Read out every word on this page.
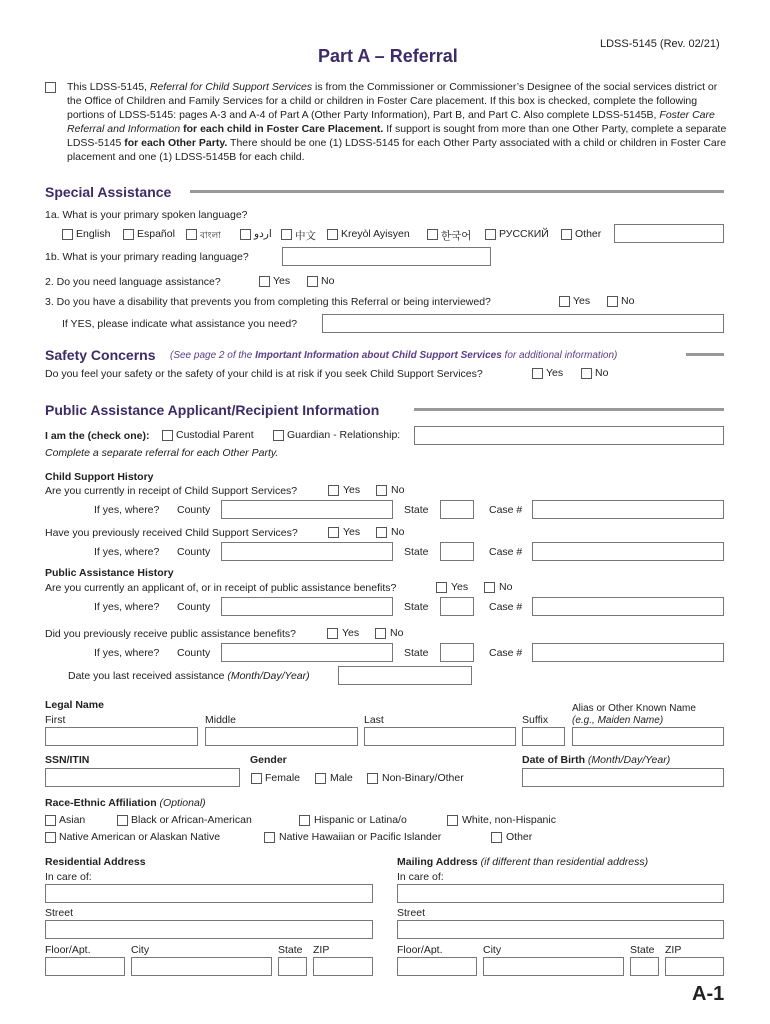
LDSS-5145 (Rev. 02/21)
Part A – Referral
This LDSS-5145, Referral for Child Support Services is from the Commissioner or Commissioner’s Designee of the social services district or the Office of Children and Family Services for a child or children in Foster Care placement. If this box is checked, complete the following portions of LDSS-5145: pages A-3 and A-4 of Part A (Other Party Information), Part B, and Part C. Also complete LDSS-5145B, Foster Care Referral and Information for each child in Foster Care Placement. If support is sought from more than one Other Party, complete a separate LDSS-5145 for each Other Party. There should be one (1) LDSS-5145 for each Other Party associated with a child or children in Foster Care placement and one (1) LDSS-5145B for each child.
Special Assistance
1a. What is your primary spoken language?
English	Español	বাংলা	اردو 中文 Kreyòl Ayisyen	한국어	РУССКИЙ Other
1b. What is your primary reading language?
2. Do you need language assistance?	Yes	No
3. Do you have a disability that prevents you from completing this Referral or being interviewed?	Yes	No
If YES, please indicate what assistance you need?
Safety Concerns (See page 2 of the Important Information about Child Support Services for additional information)
Do you feel your safety or the safety of your child is at risk if you seek Child Support Services?	Yes	No
Public Assistance Applicant/Recipient Information
I am the (check one):	Custodial Parent	Guardian - Relationship:
Complete a separate referral for each Other Party.
Child Support History
Are you currently in receipt of Child Support Services?	Yes	No
If yes, where? County	State	Case #
Have you previously received Child Support Services?	Yes	No
If yes, where? County	State	Case #
Public Assistance History
Are you currently an applicant of, or in receipt of public assistance benefits?	Yes	No
If yes, where? County	State	Case #
Did you previously receive public assistance benefits?	Yes	No
If yes, where? County	State	Case #
Date you last received assistance (Month/Day/Year)
Legal Name
First	Middle	Last	Suffix
Alias or Other Known Name
(e.g., Maiden Name)
SSN/ITIN	Gender
Female	Male	Non-Binary/Other
Date of Birth (Month/Day/Year)
Race-Ethnic Affiliation (Optional)
Asian	Black or African-American	Hispanic or Latina/o	White, non-Hispanic
Native American or Alaskan Native	Native Hawaiian or Pacific Islander	Other
Residential Address
In care of:
Street
Floor/Apt.	City	State ZIP
Mailing Address (if different than residential address)
In care of:
Street
Floor/Apt.	City	State ZIP
A-1
